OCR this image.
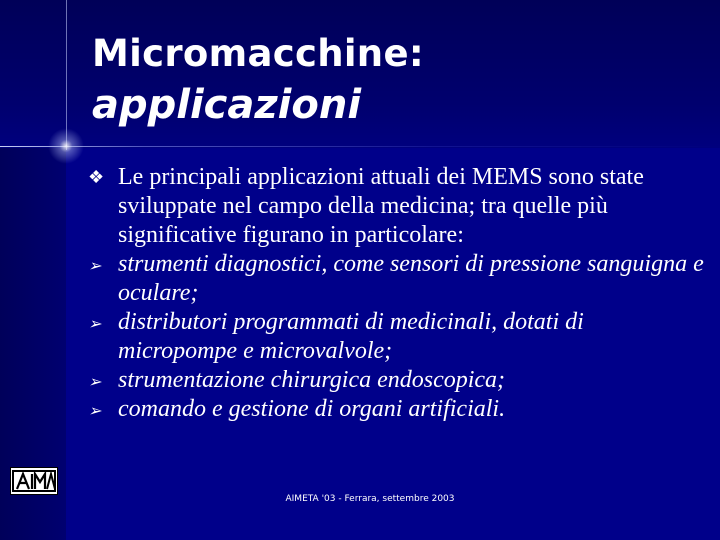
Micromacchine:
applicazioni
❖ Le principali applicazioni attuali dei MEMS sono state sviluppate nel campo della medicina; tra quelle più significative figurano in particolare:
➢ strumenti diagnostici, come sensori di pressione sanguigna e oculare;
➢ distributori programmati di medicinali, dotati di micropompe e microvalvole;
➢ strumentazione chirurgica endoscopica;
➢ comando e gestione di organi artificiali.
AIMETA '03 - Ferrara, settembre 2003
